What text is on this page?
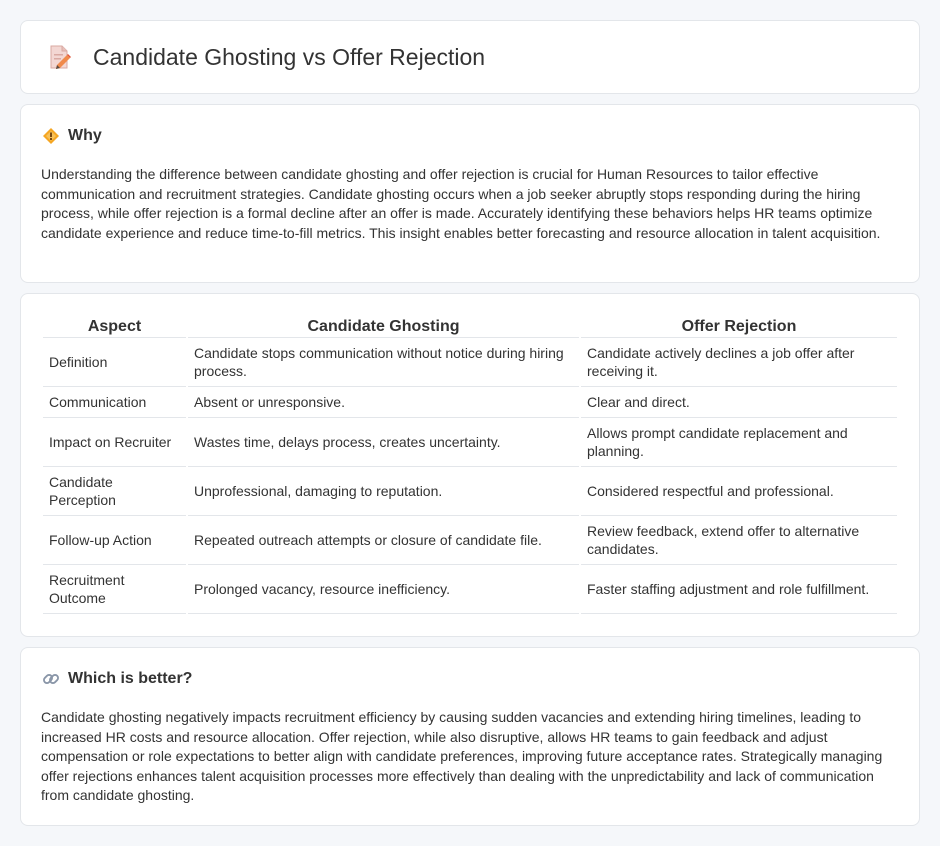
Candidate Ghosting vs Offer Rejection
Why

Understanding the difference between candidate ghosting and offer rejection is crucial for Human Resources to tailor effective communication and recruitment strategies. Candidate ghosting occurs when a job seeker abruptly stops responding during the hiring process, while offer rejection is a formal decline after an offer is made. Accurately identifying these behaviors helps HR teams optimize candidate experience and reduce time-to-fill metrics. This insight enables better forecasting and resource allocation in talent acquisition.

Aspect	Candidate Ghosting	Offer Rejection
Definition	Candidate stops communication without notice during hiring process.	Candidate actively declines a job offer after receiving it.
Communication	Absent or unresponsive.	Clear and direct.
Impact on Recruiter	Wastes time, delays process, creates uncertainty.	Allows prompt candidate replacement and planning.
Candidate Perception	Unprofessional, damaging to reputation.	Considered respectful and professional.
Follow-up Action	Repeated outreach attempts or closure of candidate file.	Review feedback, extend offer to alternative candidates.
Recruitment Outcome	Prolonged vacancy, resource inefficiency.	Faster staffing adjustment and role fulfillment.
Which is better?

Candidate ghosting negatively impacts recruitment efficiency by causing sudden vacancies and extending hiring timelines, leading to increased HR costs and resource allocation. Offer rejection, while also disruptive, allows HR teams to gain feedback and adjust compensation or role expectations to better align with candidate preferences, improving future acceptance rates. Strategically managing offer rejections enhances talent acquisition processes more effectively than dealing with the unpredictability and lack of communication from candidate ghosting.
